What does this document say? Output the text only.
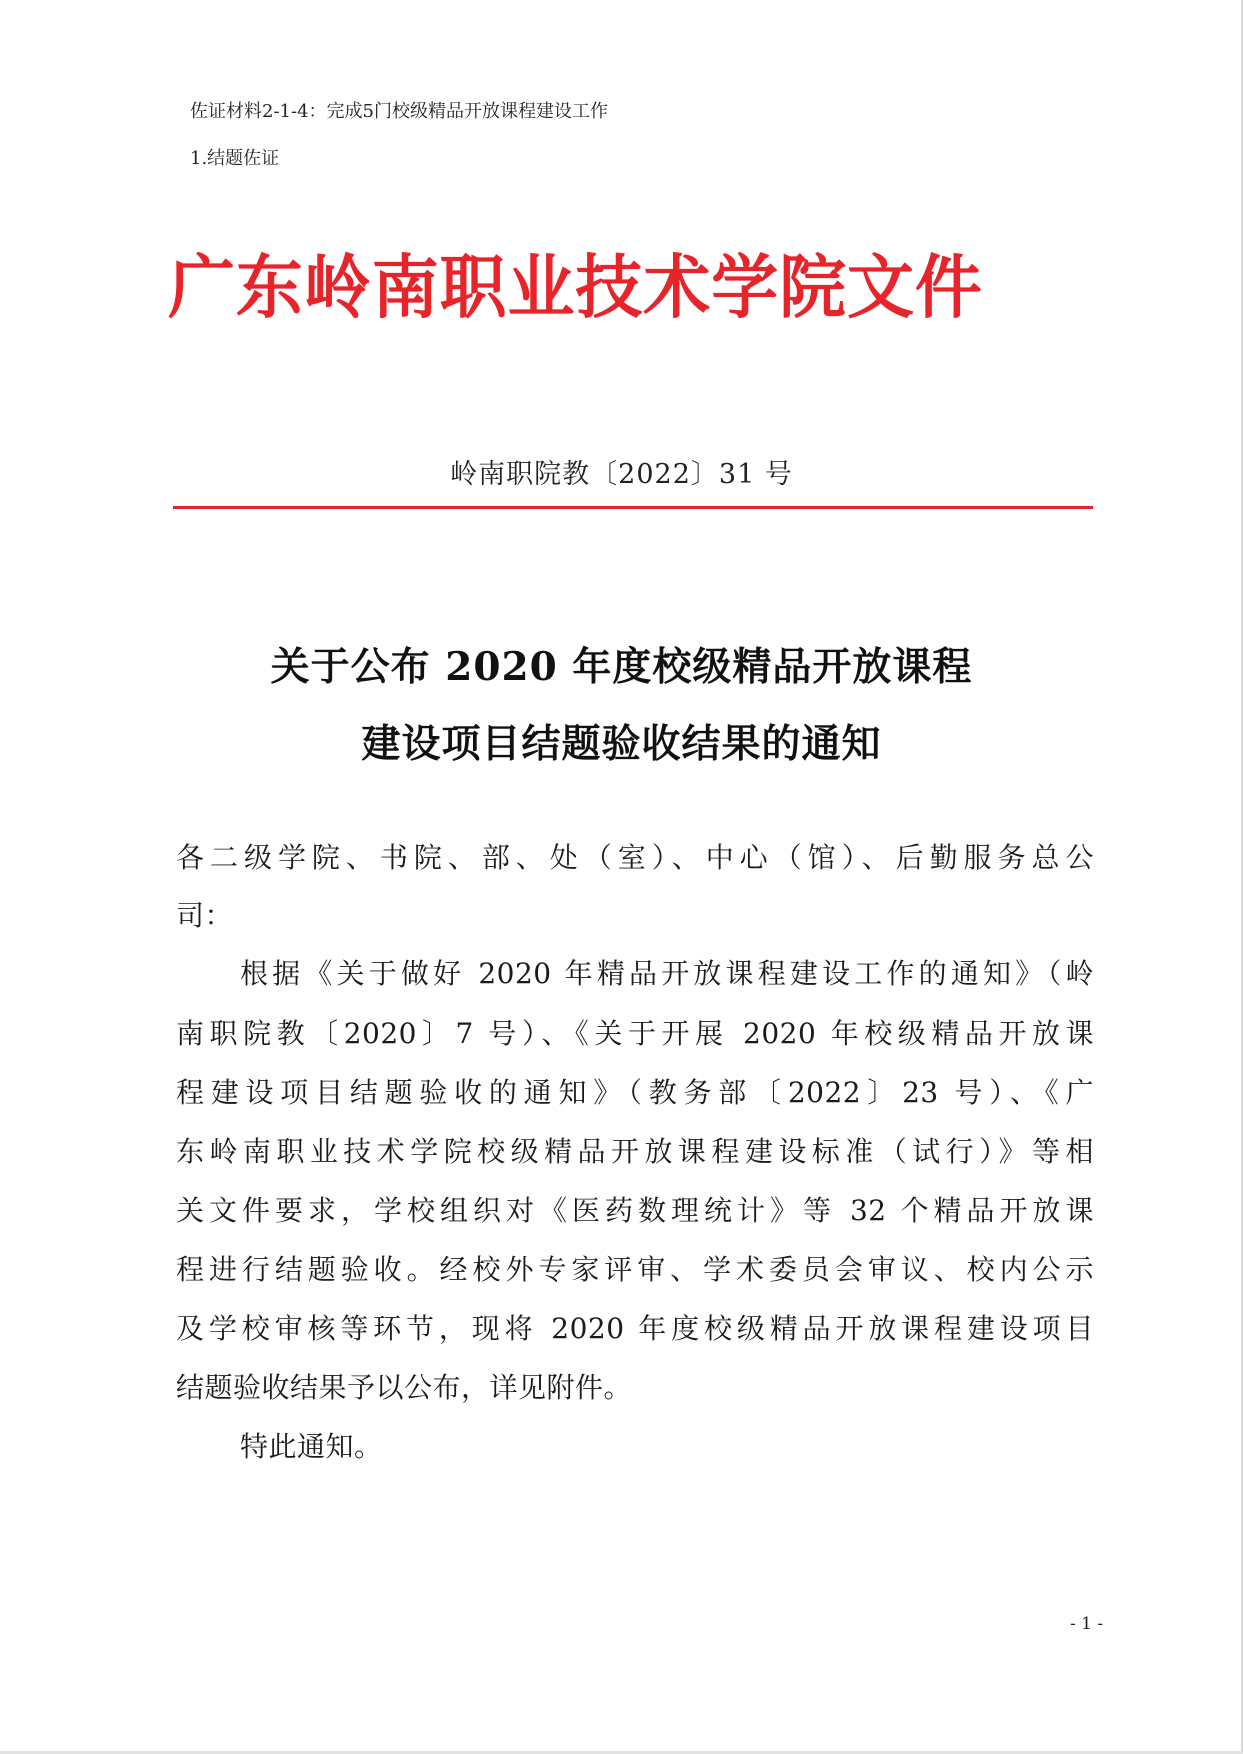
佐证材料2-1-4：完成5门校级精品开放课程建设工作
1.结题佐证
广东岭南职业技术学院文件
岭南职院教〔2022〕31 号
关于公布 2020 年度校级精品开放课程
建设项目结题验收结果的通知
各二级学院、书院、部、处（室）、中心（馆）、后勤服务总公
司：
根据《关于做好 2020 年精品开放课程建设工作的通知》（岭
南职院教〔2020〕7 号）、《关于开展 2020 年校级精品开放课
程建设项目结题验收的通知》（教务部〔2022〕23 号）、《广
东岭南职业技术学院校级精品开放课程建设标准（试行）》等相
关文件要求，学校组织对《医药数理统计》等 32 个精品开放课
程进行结题验收。经校外专家评审、学术委员会审议、校内公示
及学校审核等环节，现将 2020 年度校级精品开放课程建设项目
结题验收结果予以公布，详见附件。
特此通知。
- 1 -
